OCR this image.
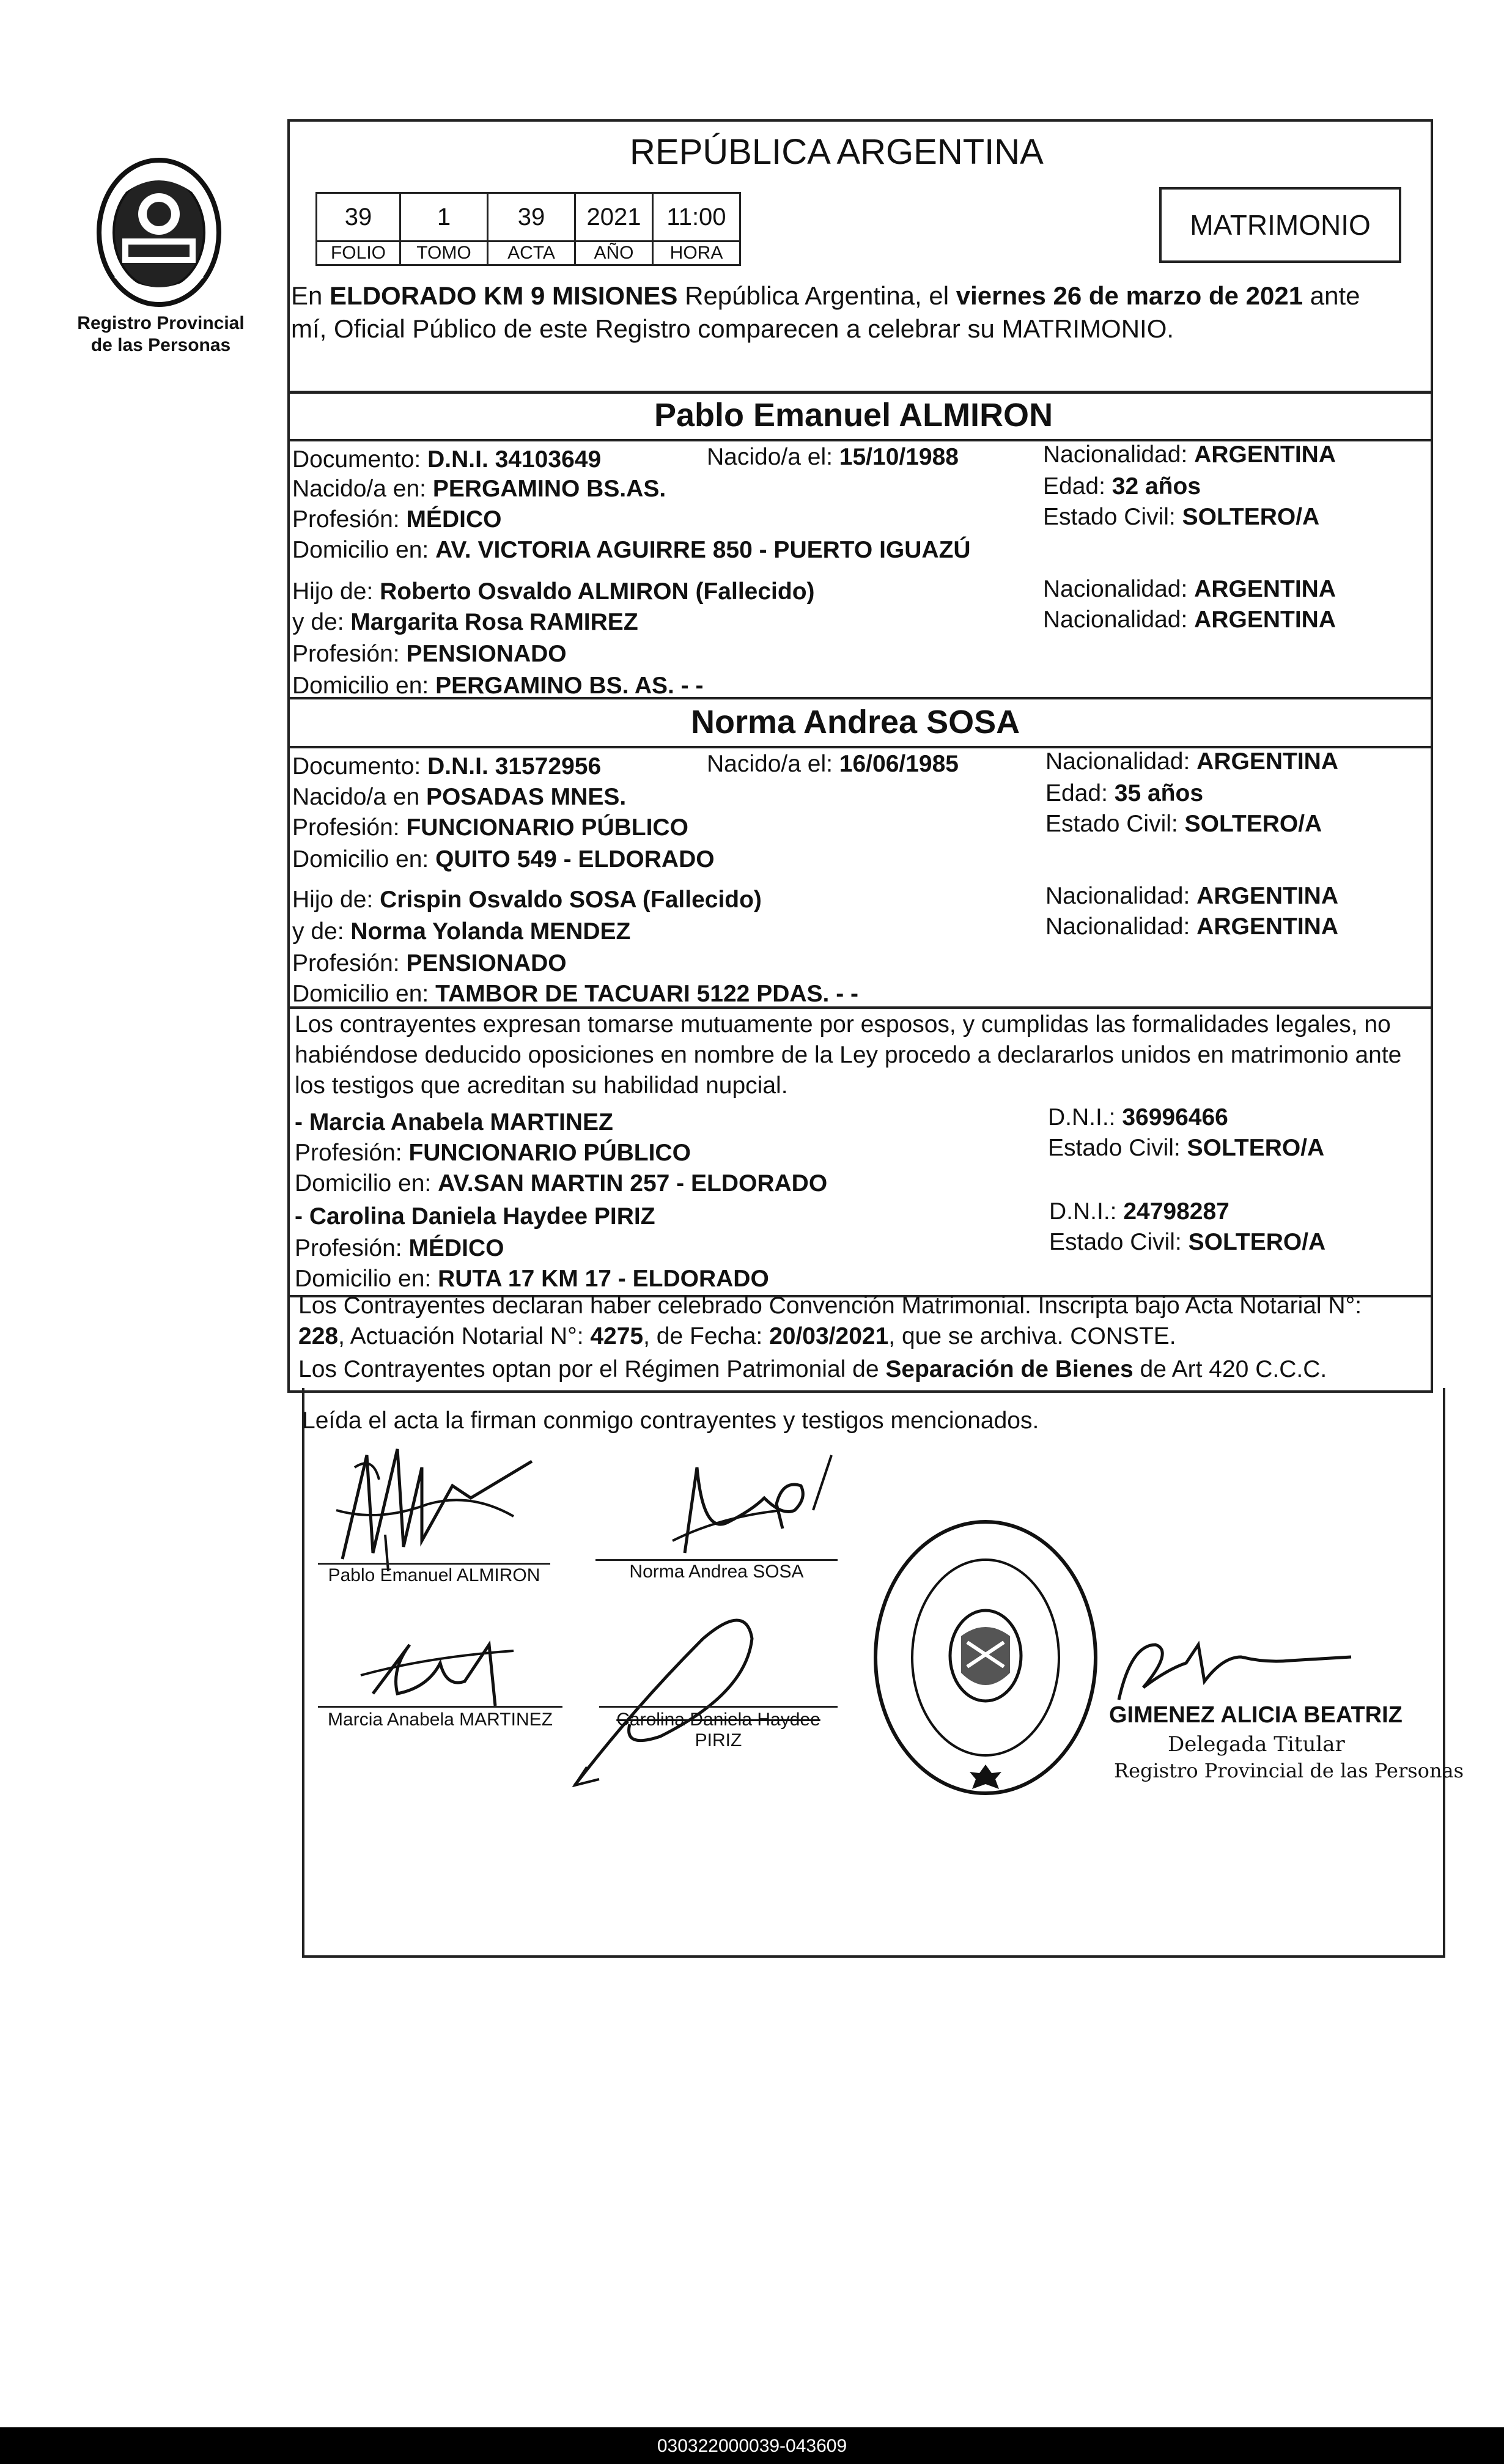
Registro Provincial
de las Personas
REPÚBLICA ARGENTINA
39	1	39	2021	11:00
FOLIO	TOMO	ACTA	AÑO	HORA
MATRIMONIO
En ELDORADO KM 9 MISIONES República Argentina, el viernes 26 de marzo de 2021 ante
mí, Oficial Público de este Registro comparecen a celebrar su MATRIMONIO.
Pablo Emanuel ALMIRON
Documento: D.N.I. 34103649	Nacido/a el: 15/10/1988	Nacionalidad: ARGENTINA
Nacido/a en: PERGAMINO BS.AS.	Edad: 32 años
Profesión: MÉDICO	Estado Civil: SOLTERO/A
Domicilio en: AV. VICTORIA AGUIRRE 850 - PUERTO IGUAZÚ
Hijo de: Roberto Osvaldo ALMIRON (Fallecido)	Nacionalidad: ARGENTINA
y de: Margarita Rosa RAMIREZ	Nacionalidad: ARGENTINA
Profesión: PENSIONADO
Domicilio en: PERGAMINO BS. AS. - -
Norma Andrea SOSA
Documento: D.N.I. 31572956	Nacido/a el: 16/06/1985	Nacionalidad: ARGENTINA
Nacido/a en POSADAS MNES.	Edad: 35 años
Profesión: FUNCIONARIO PÚBLICO	Estado Civil: SOLTERO/A
Domicilio en: QUITO 549 - ELDORADO
Hijo de: Crispin Osvaldo SOSA (Fallecido)	Nacionalidad: ARGENTINA
y de: Norma Yolanda MENDEZ	Nacionalidad: ARGENTINA
Profesión: PENSIONADO
Domicilio en: TAMBOR DE TACUARI 5122 PDAS. - -
Los contrayentes expresan tomarse mutuamente por esposos, y cumplidas las formalidades legales, no
habiéndose deducido oposiciones en nombre de la Ley procedo a declararlos unidos en matrimonio ante
los testigos que acreditan su habilidad nupcial.
- Marcia Anabela MARTINEZ	D.N.I.: 36996466
Profesión: FUNCIONARIO PÚBLICO	Estado Civil: SOLTERO/A
Domicilio en: AV.SAN MARTIN 257 - ELDORADO
- Carolina Daniela Haydee PIRIZ	D.N.I.: 24798287
Profesión: MÉDICO	Estado Civil: SOLTERO/A
Domicilio en: RUTA 17 KM 17 - ELDORADO
Los Contrayentes declaran haber celebrado Convención Matrimonial. Inscripta bajo Acta Notarial N°:
228, Actuación Notarial N°: 4275, de Fecha: 20/03/2021, que se archiva. CONSTE.
Los Contrayentes optan por el Régimen Patrimonial de Separación de Bienes de Art 420 C.C.C.
Leída el acta la firman conmigo contrayentes y testigos mencionados.
Pablo Emanuel ALMIRON	Norma Andrea SOSA
Marcia Anabela MARTINEZ	Carolina Daniela Haydee
PIRIZ
GIMENEZ ALICIA BEATRIZ
Delegada Titular
Registro Provincial de las Personas
030322000039-043609
